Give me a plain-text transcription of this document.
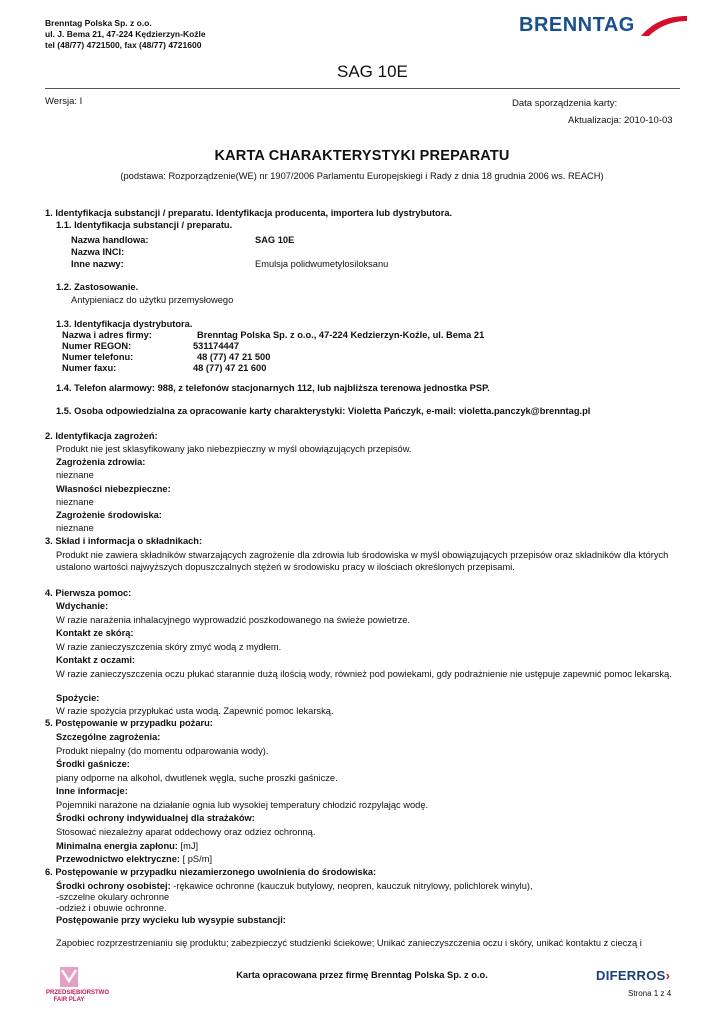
Brenntag Polska Sp. z o.o.
ul. J. Bema 21, 47-224 Kędzierzyn-Koźle
tel (48/77) 4721500, fax (48/77) 4721600
BRENNTAG
SAG 10E
Wersja: I	Data sporządzenia karty:
Aktualizacja: 2010-10-03
KARTA CHARAKTERYSTYKI PREPARATU
(podstawa: Rozporządzenie(WE) nr 1907/2006 Parlamentu Europejskiegi i Rady z dnia 18 grudnia 2006 ws. REACH)
1. Identyfikacja substancji / preparatu. Identyfikacja producenta, importera lub dystrybutora.
1.1. Identyfikacja substancji / preparatu.
Nazwa handlowa:	SAG 10E
Nazwa INCI:
Inne nazwy:	Emulsja polidwumetylosiloksanu
1.2. Zastosowanie.
Antypieniacz do użytku przemysłowego
1.3. Identyfikacja dystrybutora.
Nazwa i adres firmy:	Brenntag Polska Sp. z o.o., 47-224 Kedzierzyn-Koźle, ul. Bema 21
Numer REGON:	531174447
Numer telefonu:	48 (77) 47 21 500
Numer faxu:	48 (77) 47 21 600
1.4. Telefon alarmowy: 988, z telefonów stacjonarnych 112, lub najbliższa terenowa jednostka PSP.
1.5. Osoba odpowiedzialna za opracowanie karty charakterystyki: Violetta Pańczyk, e-mail: violetta.panczyk@brenntag.pl
2. Identyfikacja zagrożeń:
Produkt nie jest sklasyfikowany jako niebezpieczny w myśl obowiązujących przepisów.
Zagrożenia zdrowia:
nieznane
Własności niebezpieczne:
nieznane
Zagrożenie środowiska:
nieznane
3. Skład i informacja o składnikach:
Produkt nie zawiera składników stwarzających zagrożenie dla zdrowia lub środowiska w myśl obowiązujących przepisów oraz składników dla których ustalono wartości najwyższych dopuszczalnych stężeń w środowisku pracy w ilościach określonych przepisami.
4. Pierwsza pomoc:
Wdychanie:
W razie narażenia inhalacyjnego wyprowadzić poszkodowanego na świeże powietrze.
Kontakt ze skórą:
W razie zanieczyszczenia skóry zmyć wodą z mydłem.
Kontakt z oczami:
W razie zanieczyszczenia oczu płukać starannie dużą ilością wody, również pod powiekami, gdy podrażnienie nie ustępuje zapewnić pomoc lekarską.
Spożycie:
W razie spożycia przypłukać usta wodą. Zapewnić pomoc lekarską.
5. Postępowanie w przypadku pożaru:
Szczególne zagrożenia:
Produkt niepalny (do momentu odparowania wody).
Środki gaśnicze:
piany odporne na alkohol, dwutlenek węgla, suche proszki gaśnicze.
Inne informacje:
Pojemniki narażone na działanie ognia lub wysokiej temperatury chłodzić rozpylając wodę.
Środki ochrony indywidualnej dla strażaków:
Stosować niezależny aparat oddechowy oraz odziez ochronną.
Minimalna energia zapłonu: [mJ]
Przewodnictwo elektryczne: [ pS/m]
6. Postępowanie w przypadku niezamierzonego uwolnienia do środowiska:
Środki ochrony osobistej: -rękawice ochronne (kauczuk butylowy, neopren, kauczuk nitrylowy, polichlorek winylu),
-szczelne okulary ochronne
-odzież i obuwie ochronne.
Postępowanie przy wycieku lub wysypie substancji:
Zapobiec rozprzestrzenianiu się produktu; zabezpieczyć studzienki ściekowe; Unikać zanieczyszczenia oczu i skóry, unikać kontaktu z cieczą i
PRZEDSIĘBIORSTWO FAIR PLAY
Karta opracowana przez firmę Brenntag Polska Sp. z o.o.	DIFERROS›
Strona 1 z 4
